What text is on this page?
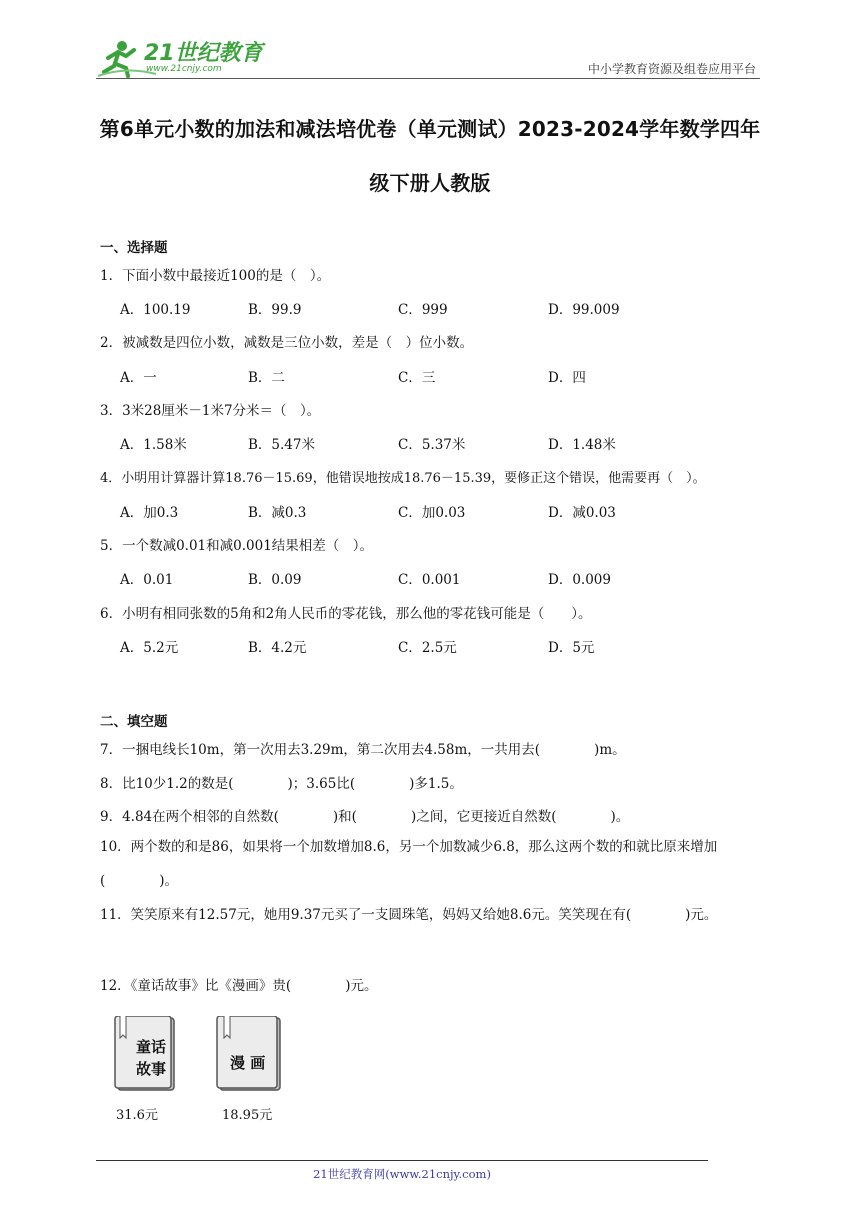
21世纪教育
www.21cnjy.com	中小学教育资源及组卷应用平台
第6单元小数的加法和减法培优卷（单元测试）2023-2024学年数学四年级下册人教版
一、选择题
1．下面小数中最接近100的是（　）。
A．100.19	B．99.9	C．999	D．99.009
2．被减数是四位小数，减数是三位小数，差是（　）位小数。
A．一	B．二	C．三	D．四
3．3米28厘米－1米7分米＝（　）。
A．1.58米	B．5.47米	C．5.37米	D．1.48米
4．小明用计算器计算18.76－15.69，他错误地按成18.76－15.39，要修正这个错误，他需要再（　）。
A．加0.3	B．减0.3	C．加0.03	D．减0.03
5．一个数减0.01和减0.001结果相差（　）。
A．0.01	B．0.09	C．0.001	D．0.009
6．小明有相同张数的5角和2角人民币的零花钱，那么他的零花钱可能是（　　）。
A．5.2元	B．4.2元	C．2.5元	D．5元
二、填空题
7．一捆电线长10m，第一次用去3.29m，第二次用去4.58m，一共用去(　　　　)m。
8．比10少1.2的数是(　　　　)；3.65比(　　　　)多1.5。
9．4.84在两个相邻的自然数(　　　　)和(　　　　)之间，它更接近自然数(　　　　)。
10．两个数的和是86，如果将一个加数增加8.6，另一个加数减少6.8，那么这两个数的和就比原来增加(　　　　)。
11．笑笑原来有12.57元，她用9.37元买了一支圆珠笔，妈妈又给她8.6元。笑笑现在有(　　　　)元。
12．《童话故事》比《漫画》贵(　　　　)元。
童话
故事
31.6元
漫 画
18.95元
21世纪教育网(www.21cnjy.com)
